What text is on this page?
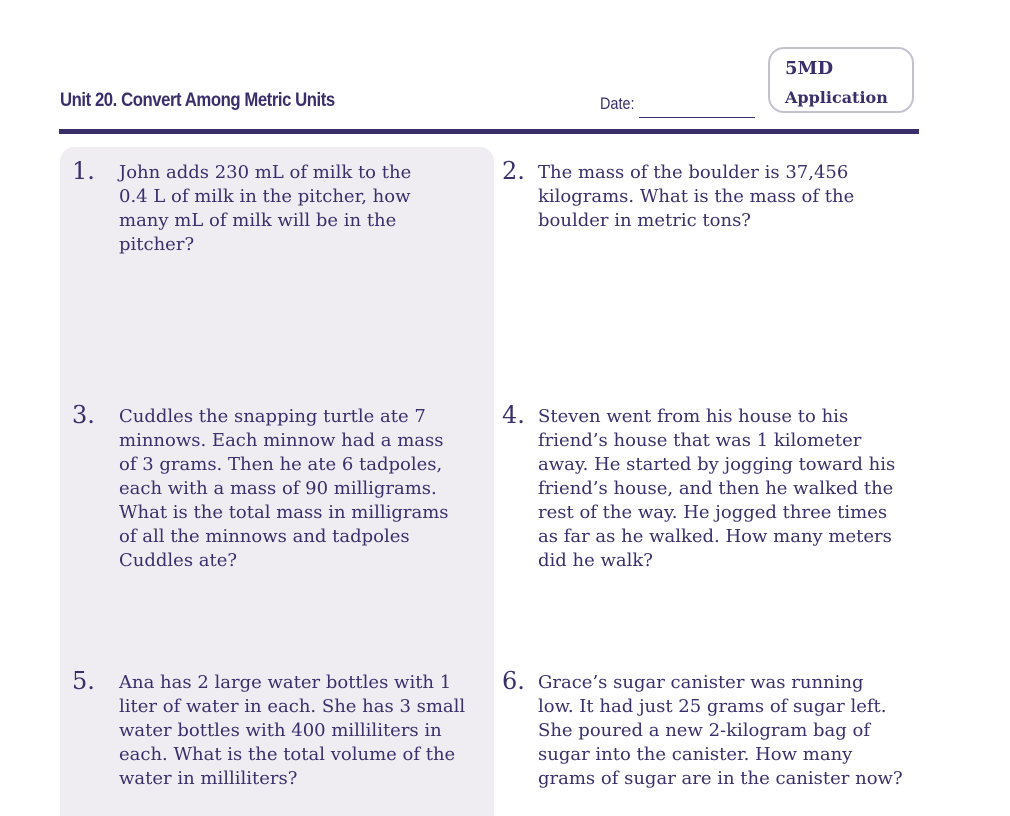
Unit 20. Convert Among Metric Units	Date:
5MD
Application
1. John adds 230 mL of milk to the
0.4 L of milk in the pitcher, how
many mL of milk will be in the
pitcher?
2. The mass of the boulder is 37,456
kilograms. What is the mass of the
boulder in metric tons?
3. Cuddles the snapping turtle ate 7
minnows. Each minnow had a mass
of 3 grams. Then he ate 6 tadpoles,
each with a mass of 90 milligrams.
What is the total mass in milligrams
of all the minnows and tadpoles
Cuddles ate?
4. Steven went from his house to his
friend’s house that was 1 kilometer
away. He started by jogging toward his
friend’s house, and then he walked the
rest of the way. He jogged three times
as far as he walked. How many meters
did he walk?
5. Ana has 2 large water bottles with 1
liter of water in each. She has 3 small
water bottles with 400 milliliters in
each. What is the total volume of the
water in milliliters?
6. Grace’s sugar canister was running
low. It had just 25 grams of sugar left.
She poured a new 2-kilogram bag of
sugar into the canister. How many
grams of sugar are in the canister now?
